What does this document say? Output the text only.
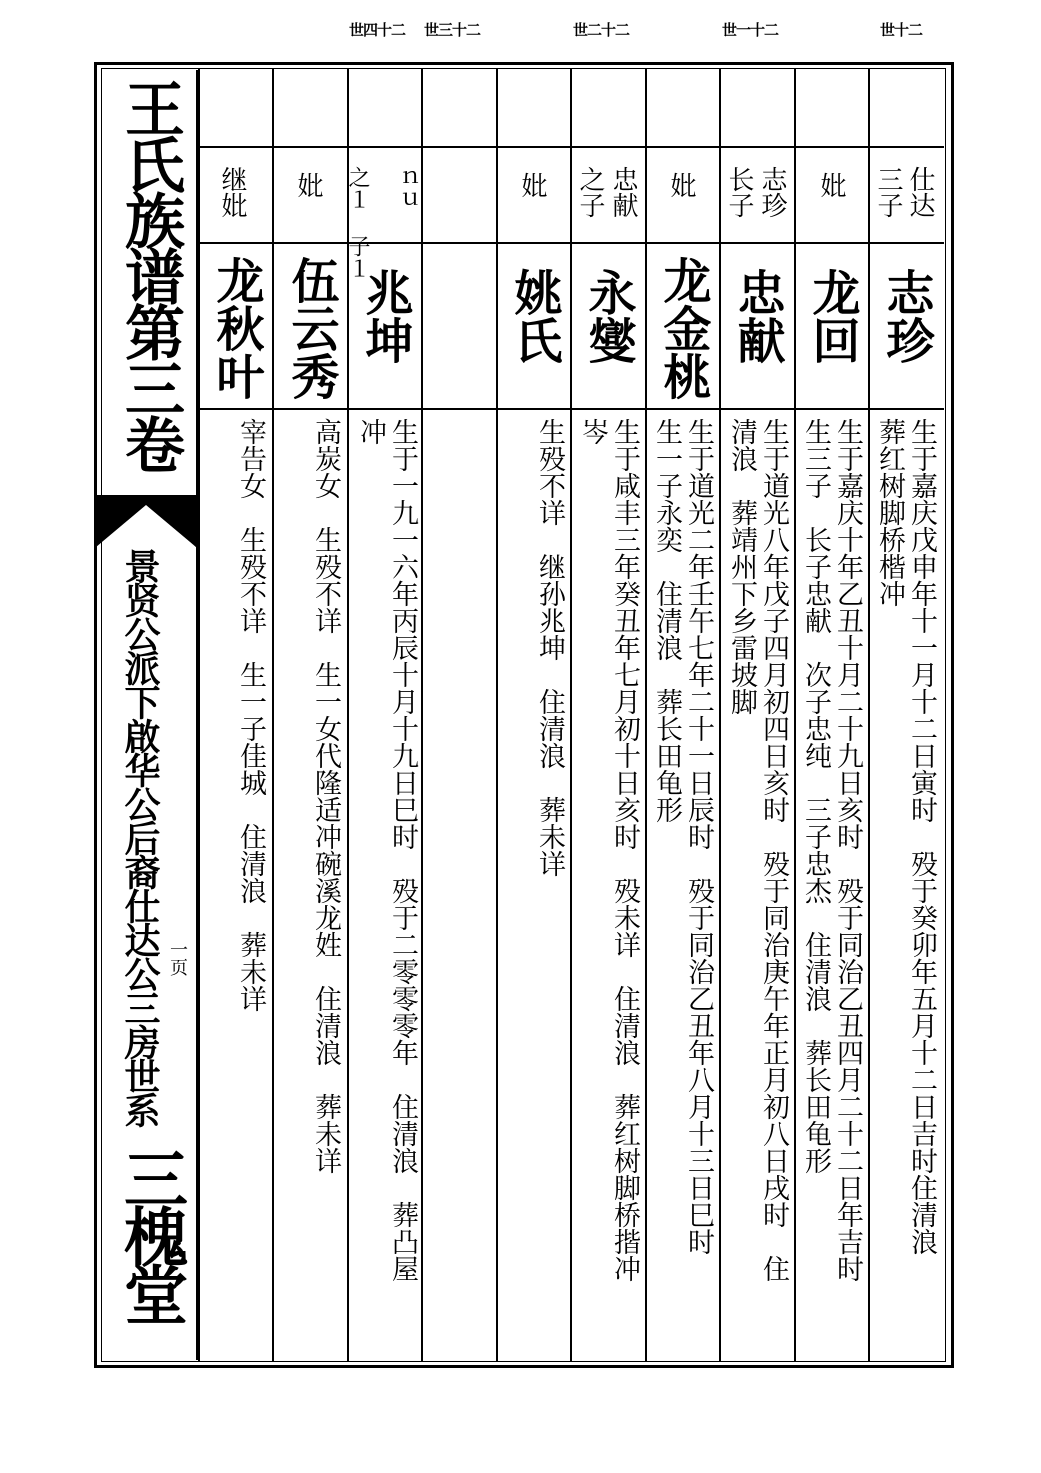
王氏族谱第三卷
景贤公派下啟华公后裔仕达公三房世系
三槐堂
一页
世十二
世一十二
世二十二
世三十二
世四十二
仕达
三子
妣
志珍
长子
妣
忠献
之子
妣
ｎｕ
之１ 子１
妣
继妣
志珍
龙回
忠献
龙金桃
永燮
姚氏
兆坤
伍云秀
龙秋叶
生于嘉庆戊申年十一月十二日寅时　殁于癸卯年五月十二日吉时住清浪
葬红树脚桥楷冲
生于嘉庆十年乙丑十月二十九日亥时　殁于同治乙丑四月二十二日年吉时
生三子　长子忠献　次子忠纯　三子忠杰　住清浪　葬长田龟形
生于道光八年戊子四月初四日亥时　殁于同治庚午年正月初八日戌时　住
清浪　葬靖州下乡雷坡脚
生于道光二年壬午七年二十一日辰时　殁于同治乙丑年八月十三日巳时
生一子永奕　住清浪　葬长田龟形
生于咸丰三年癸丑年七月初十日亥时　殁未详　住清浪　葬红树脚桥揩冲
岑
生殁不详　继孙兆坤　住清浪　葬未详
生于一九一六年丙辰十月十九日巳时　殁于二零零零年　住清浪　葬凸屋
冲
高炭女　生殁不详　生一女代隆适冲碗溪龙姓　住清浪　葬未详
宰告女　生殁不详　生一子佳城　住清浪　葬未详
